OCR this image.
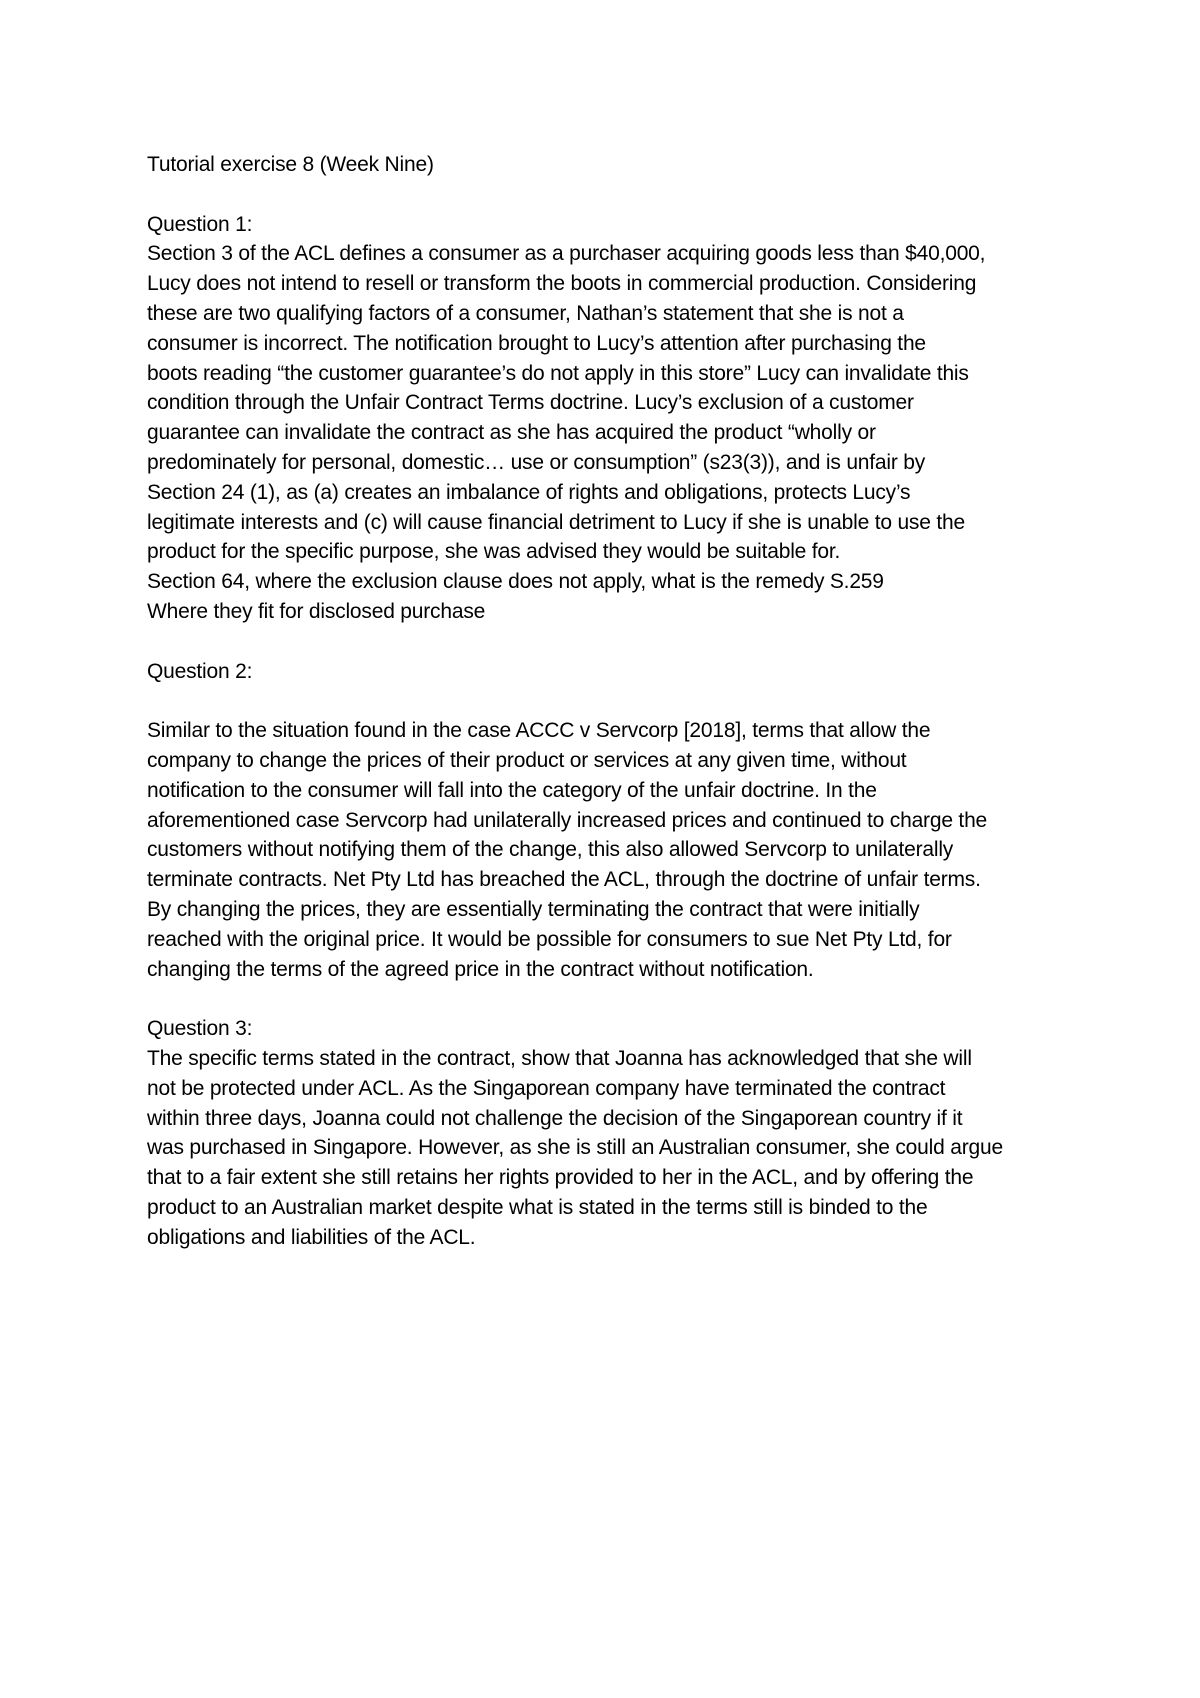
Tutorial exercise 8 (Week Nine)
Question 1:
Section 3 of the ACL defines a consumer as a purchaser acquiring goods less than $40,000,
Lucy does not intend to resell or transform the boots in commercial production. Considering
these are two qualifying factors of a consumer, Nathan’s statement that she is not a
consumer is incorrect. The notification brought to Lucy’s attention after purchasing the
boots reading “the customer guarantee’s do not apply in this store” Lucy can invalidate this
condition through the Unfair Contract Terms doctrine. Lucy’s exclusion of a customer
guarantee can invalidate the contract as she has acquired the product “wholly or
predominately for personal, domestic… use or consumption” (s23(3)), and is unfair by
Section 24 (1), as (a) creates an imbalance of rights and obligations, protects Lucy’s
legitimate interests and (c) will cause financial detriment to Lucy if she is unable to use the
product for the specific purpose, she was advised they would be suitable for.
Section 64, where the exclusion clause does not apply, what is the remedy S.259
Where they fit for disclosed purchase
Question 2:
Similar to the situation found in the case ACCC v Servcorp [2018], terms that allow the
company to change the prices of their product or services at any given time, without
notification to the consumer will fall into the category of the unfair doctrine. In the
aforementioned case Servcorp had unilaterally increased prices and continued to charge the
customers without notifying them of the change, this also allowed Servcorp to unilaterally
terminate contracts. Net Pty Ltd has breached the ACL, through the doctrine of unfair terms.
By changing the prices, they are essentially terminating the contract that were initially
reached with the original price. It would be possible for consumers to sue Net Pty Ltd, for
changing the terms of the agreed price in the contract without notification.
Question 3:
The specific terms stated in the contract, show that Joanna has acknowledged that she will
not be protected under ACL. As the Singaporean company have terminated the contract
within three days, Joanna could not challenge the decision of the Singaporean country if it
was purchased in Singapore. However, as she is still an Australian consumer, she could argue
that to a fair extent she still retains her rights provided to her in the ACL, and by offering the
product to an Australian market despite what is stated in the terms still is binded to the
obligations and liabilities of the ACL.
